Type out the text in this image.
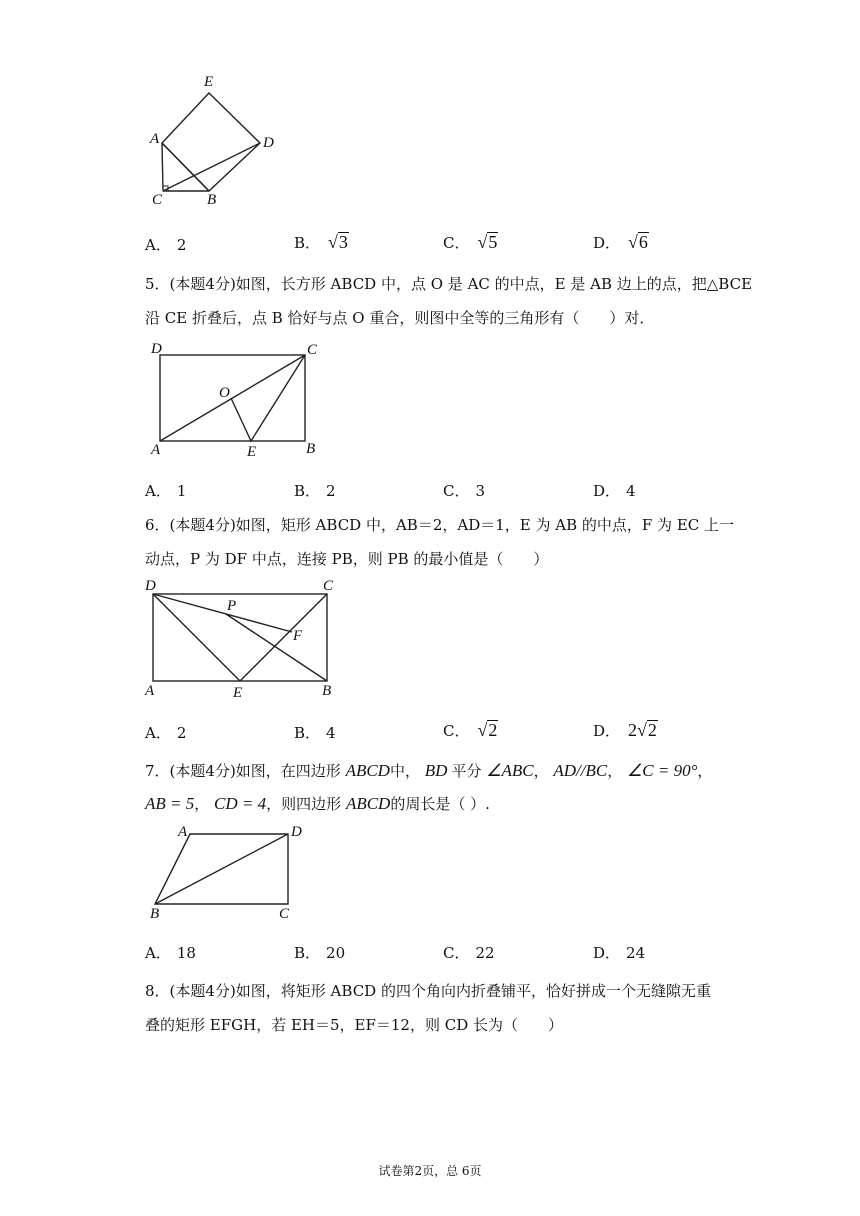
E
A	D
C	B
A． 2	B． √3	C． √5	D． √6
5．(本题4分)如图，长方形 ABCD 中，点 O 是 AC 的中点，E 是 AB 边上的点，把△BCE
沿 CE 折叠后，点 B 恰好与点 O 重合，则图中全等的三角形有（　　）对．
D	C
O
A	E	B
A． 1	B． 2	C． 3	D． 4
6．(本题4分)如图，矩形 ABCD 中，AB＝2，AD＝1，E 为 AB 的中点，F 为 EC 上一
动点，P 为 DF 中点，连接 PB，则 PB 的最小值是（　　）
D	C
P
F
A	E	B
A． 2	B． 4	C． √2	D． 2√2
7．(本题4分)如图，在四边形 ABCD中， BD 平分 ∠ABC， AD//BC， ∠C = 90°，
AB = 5， CD = 4，则四边形 ABCD的周长是（ ）.
A	D
B	C
A． 18	B． 20	C． 22	D． 24
8．(本题4分)如图，将矩形 ABCD 的四个角向内折叠铺平，恰好拼成一个无缝隙无重
叠的矩形 EFGH，若 EH＝5，EF＝12，则 CD 长为（　　）
试卷第2页，总 6页
